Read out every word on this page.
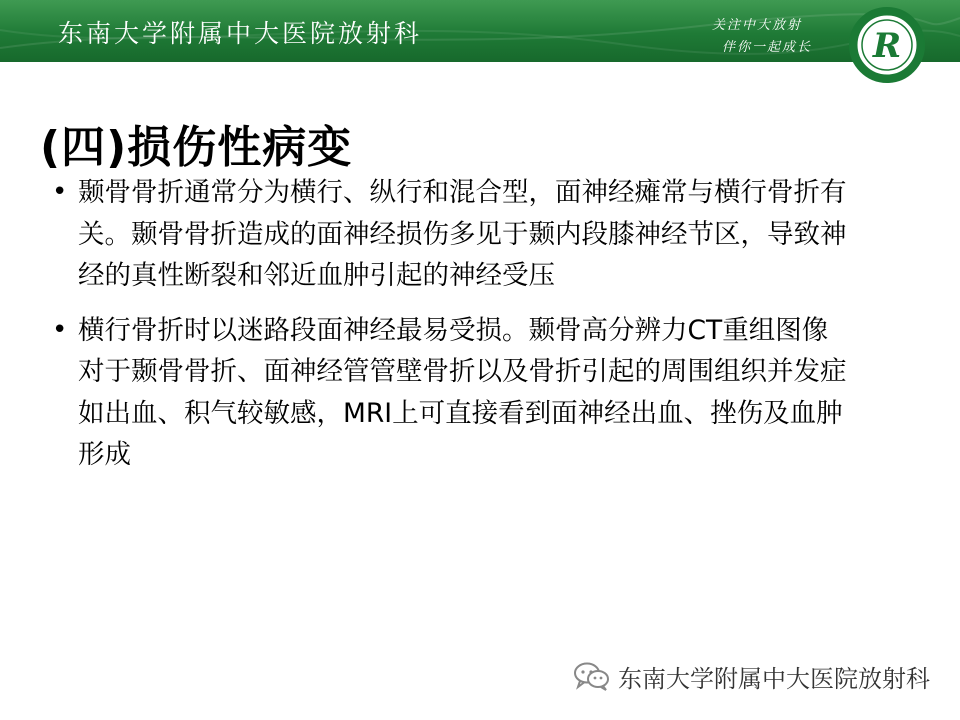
东南大学附属中大医院放射科	关注中大放射
伴你一起成长	R
(四)损伤性病变
• 颞骨骨折通常分为横行、纵行和混合型，面神经瘫常与横行骨折有关。颞骨骨折造成的面神经损伤多见于颞内段膝神经节区，导致神经的真性断裂和邻近血肿引起的神经受压
• 横行骨折时以迷路段面神经最易受损。颞骨高分辨力CT重组图像对于颞骨骨折、面神经管管壁骨折以及骨折引起的周围组织并发症如出血、积气较敏感，MRI上可直接看到面神经出血、挫伤及血肿形成
东南大学附属中大医院放射科
